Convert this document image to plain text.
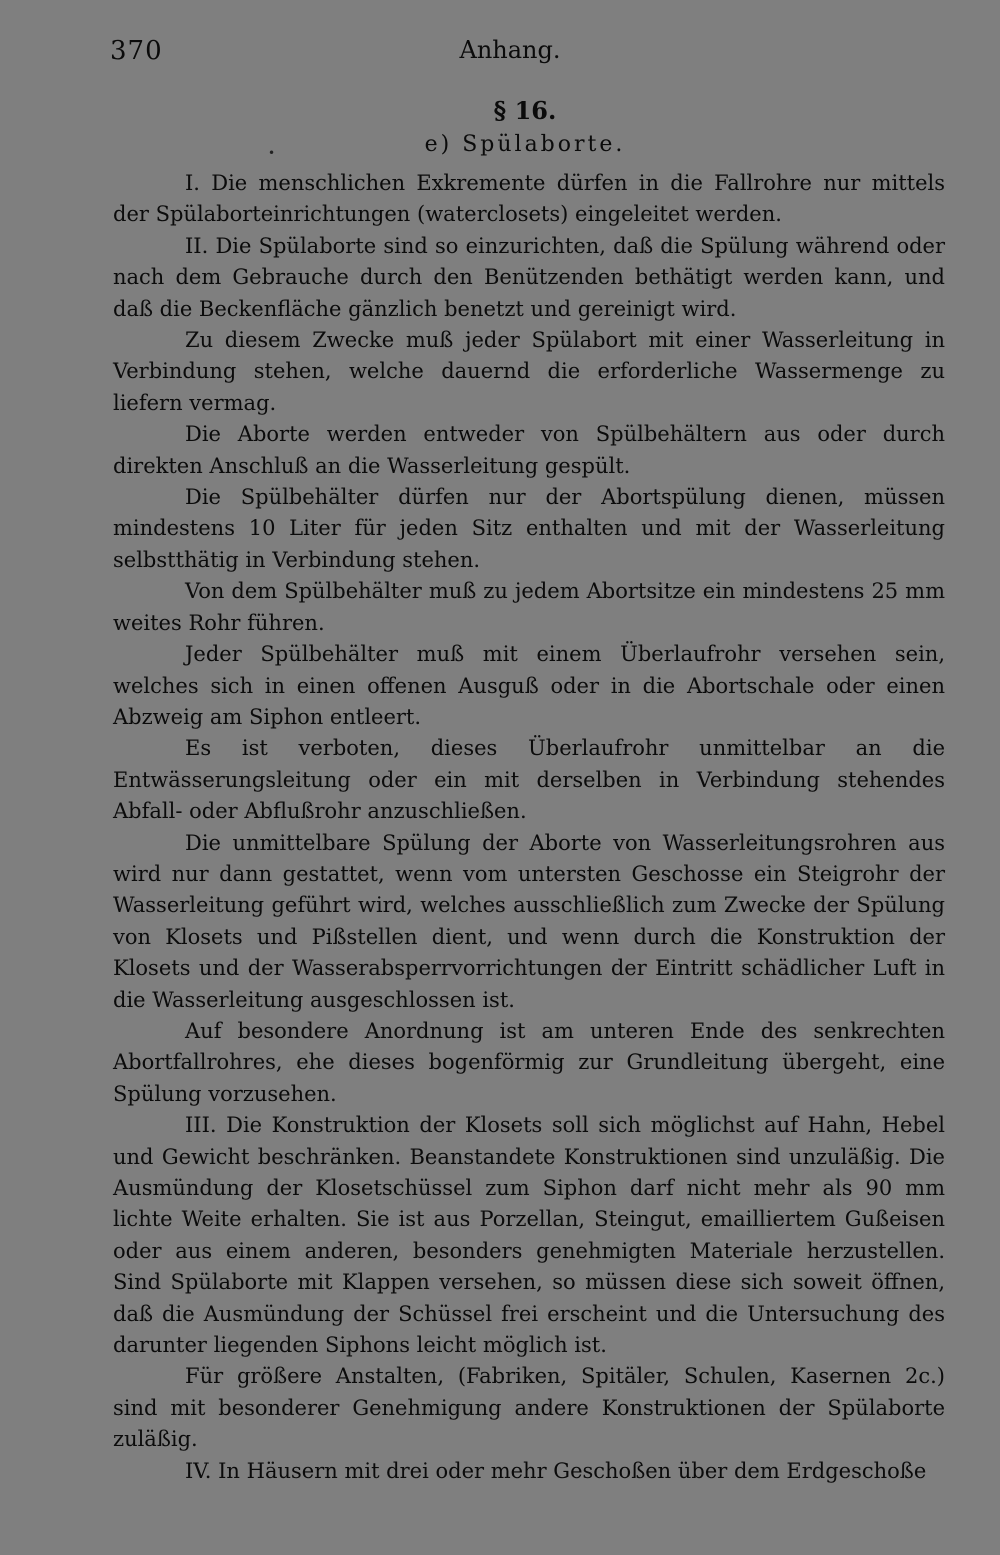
370	Anhang.
§ 16.
e) Spülaborte.

I. Die menschlichen Exkremente dürfen in die Fallrohre nur mittels der Spülaborteinrichtungen (waterclosets) eingeleitet werden.

II. Die Spülaborte sind so einzurichten, daß die Spülung während oder nach dem Gebrauche durch den Benützenden bethätigt werden kann, und daß die Beckenfläche gänzlich benetzt und gereinigt wird.

Zu diesem Zwecke muß jeder Spülabort mit einer Wasserleitung in Verbindung stehen, welche dauernd die erforderliche Wassermenge zu liefern vermag.

Die Aborte werden entweder von Spülbehältern aus oder durch direkten Anschluß an die Wasserleitung gespült.

Die Spülbehälter dürfen nur der Abortspülung dienen, müssen mindestens 10 Liter für jeden Sitz enthalten und mit der Wasserleitung selbstthätig in Verbindung stehen.

Von dem Spülbehälter muß zu jedem Abortsitze ein mindestens 25 mm weites Rohr führen.

Jeder Spülbehälter muß mit einem Überlaufrohr versehen sein, welches sich in einen offenen Ausguß oder in die Abortschale oder einen Abzweig am Siphon entleert.

Es ist verboten, dieses Überlaufrohr unmittelbar an die Entwässerungsleitung oder ein mit derselben in Verbindung stehendes Abfall- oder Abflußrohr anzuschließen.

Die unmittelbare Spülung der Aborte von Wasserleitungsrohren aus wird nur dann gestattet, wenn vom untersten Geschosse ein Steigrohr der Wasserleitung geführt wird, welches ausschließlich zum Zwecke der Spülung von Klosets und Pißstellen dient, und wenn durch die Konstruktion der Klosets und der Wasserabsperrvorrichtungen der Eintritt schädlicher Luft in die Wasserleitung ausgeschlossen ist.

Auf besondere Anordnung ist am unteren Ende des senkrechten Abortfallrohres, ehe dieses bogenförmig zur Grundleitung übergeht, eine Spülung vorzusehen.

III. Die Konstruktion der Klosets soll sich möglichst auf Hahn, Hebel und Gewicht beschränken. Beanstandete Konstruktionen sind unzuläßig. Die Ausmündung der Klosetschüssel zum Siphon darf nicht mehr als 90 mm lichte Weite erhalten. Sie ist aus Porzellan, Steingut, emailliertem Gußeisen oder aus einem anderen, besonders genehmigten Materiale herzustellen. Sind Spülaborte mit Klappen versehen, so müssen diese sich soweit öffnen, daß die Ausmündung der Schüssel frei erscheint und die Untersuchung des darunter liegenden Siphons leicht möglich ist.

Für größere Anstalten, (Fabriken, Spitäler, Schulen, Kasernen 2c.) sind mit besonderer Genehmigung andere Konstruktionen der Spülaborte zuläßig.

IV. In Häusern mit drei oder mehr Geschoßen über dem Erdgeschoße

•
